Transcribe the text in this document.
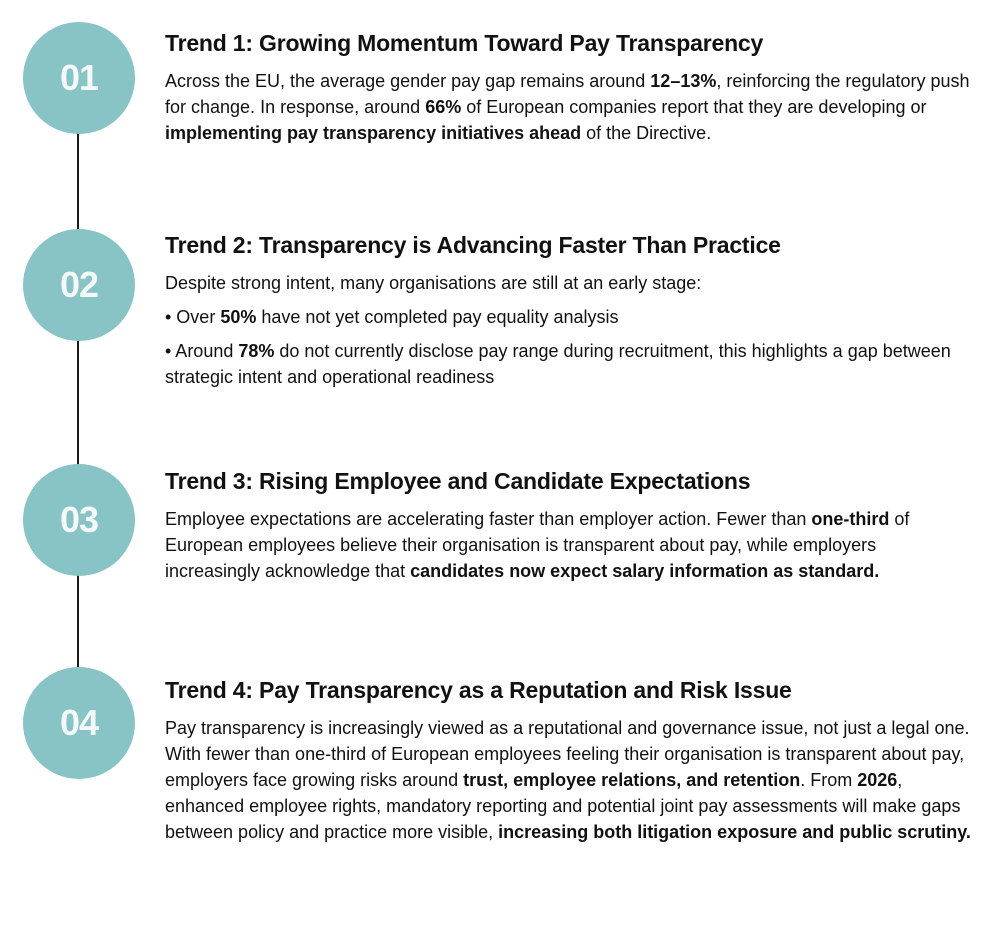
01
02
03
04
Trend 1: Growing Momentum Toward Pay Transparency

Across the EU, the average gender pay gap remains around 12–13%, reinforcing the regulatory push for change. In response, around 66% of European companies report that they are developing or implementing pay transparency initiatives ahead of the Directive.

Trend 2: Transparency is Advancing Faster Than Practice

Despite strong intent, many organisations are still at an early stage:

• Over 50% have not yet completed pay equality analysis

• Around 78% do not currently disclose pay range during recruitment, this highlights a gap between strategic intent and operational readiness

Trend 3: Rising Employee and Candidate Expectations

Employee expectations are accelerating faster than employer action. Fewer than one-third of European employees believe their organisation is transparent about pay, while employers increasingly acknowledge that candidates now expect salary information as standard.

Trend 4: Pay Transparency as a Reputation and Risk Issue

Pay transparency is increasingly viewed as a reputational and governance issue, not just a legal one. With fewer than one-third of European employees feeling their organisation is transparent about pay, employers face growing risks around trust, employee relations, and retention. From 2026, enhanced employee rights, mandatory reporting and potential joint pay assessments will make gaps between policy and practice more visible, increasing both litigation exposure and public scrutiny.
